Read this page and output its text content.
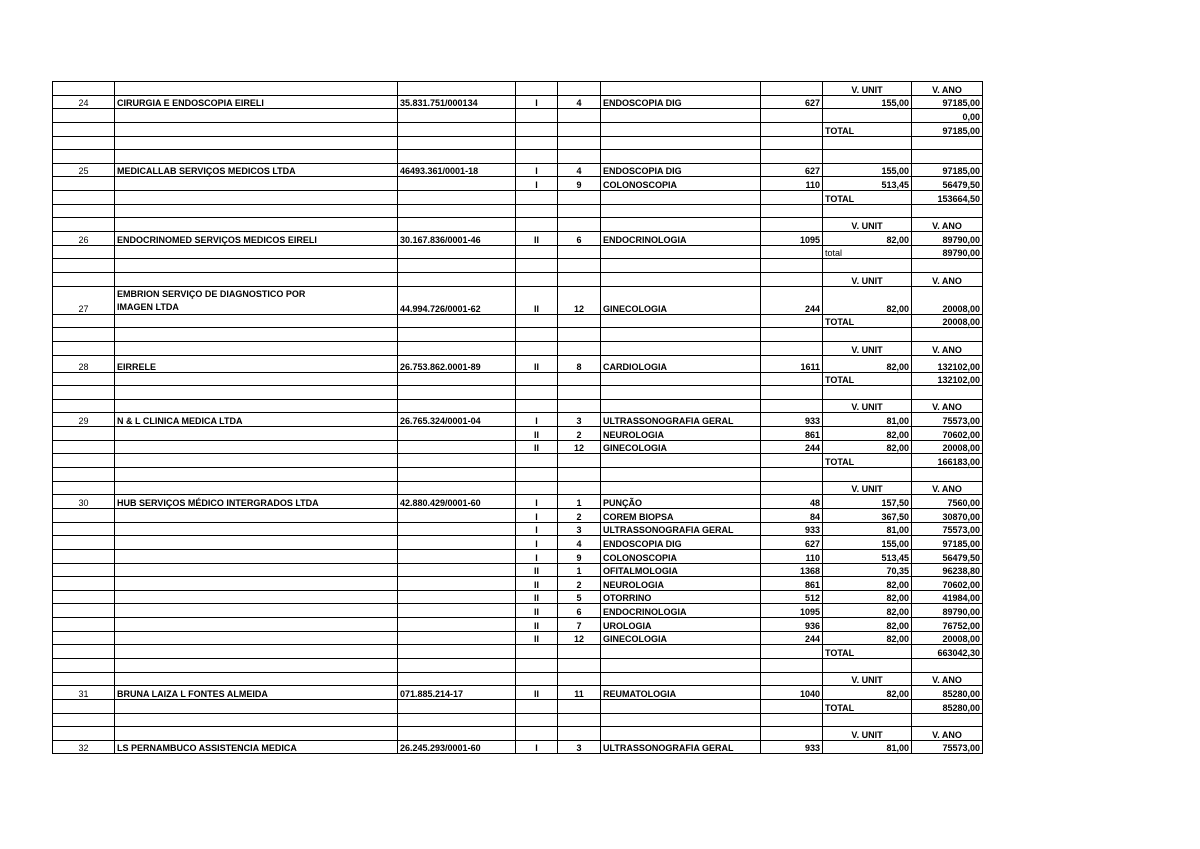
							V. UNIT	V. ANO
24	CIRURGIA E ENDOSCOPIA EIRELI	35.831.751/000134	I	4	ENDOSCOPIA DIG	627	155,00	97185,00
								0,00
							TOTAL	97185,00

25	MEDICALLAB SERVIÇOS MEDICOS LTDA	46493.361/0001-18	I	4	ENDOSCOPIA DIG	627	155,00	97185,00
			I	9	COLONOSCOPIA	110	513,45	56479,50
							TOTAL	153664,50

							V. UNIT	V. ANO
26	ENDOCRINOMED SERVIÇOS MEDICOS EIRELI	30.167.836/0001-46	II	6	ENDOCRINOLOGIA	1095	82,00	89790,00
							total	89790,00

							V. UNIT	V. ANO
27	EMBRION SERVIÇO DE DIAGNOSTICO POR
IMAGEN LTDA	44.994.726/0001-62	II	12	GINECOLOGIA	244	82,00	20008,00
							TOTAL	20008,00

							V. UNIT	V. ANO
28	EIRRELE	26.753.862.0001-89	II	8	CARDIOLOGIA	1611	82,00	132102,00
							TOTAL	132102,00

							V. UNIT	V. ANO
29	N & L CLINICA MEDICA LTDA	26.765.324/0001-04	I	3	ULTRASSONOGRAFIA GERAL	933	81,00	75573,00
			II	2	NEUROLOGIA	861	82,00	70602,00
			II	12	GINECOLOGIA	244	82,00	20008,00
							TOTAL	166183,00

							V. UNIT	V. ANO
30	HUB SERVIÇOS MÉDICO INTERGRADOS LTDA	42.880.429/0001-60	I	1	PUNÇÃO	48	157,50	7560,00
			I	2	COREM BIOPSA	84	367,50	30870,00
			I	3	ULTRASSONOGRAFIA GERAL	933	81,00	75573,00
			I	4	ENDOSCOPIA DIG	627	155,00	97185,00
			I	9	COLONOSCOPIA	110	513,45	56479,50
			II	1	OFITALMOLOGIA	1368	70,35	96238,80
			II	2	NEUROLOGIA	861	82,00	70602,00
			II	5	OTORRINO	512	82,00	41984,00
			II	6	ENDOCRINOLOGIA	1095	82,00	89790,00
			II	7	UROLOGIA	936	82,00	76752,00
			II	12	GINECOLOGIA	244	82,00	20008,00
							TOTAL	663042,30

							V. UNIT	V. ANO
31	BRUNA LAIZA L FONTES ALMEIDA	071.885.214-17	II	11	REUMATOLOGIA	1040	82,00	85280,00
							TOTAL	85280,00

							V. UNIT	V. ANO
32	LS PERNAMBUCO ASSISTENCIA MEDICA	26.245.293/0001-60	I	3	ULTRASSONOGRAFIA GERAL	933	81,00	75573,00
